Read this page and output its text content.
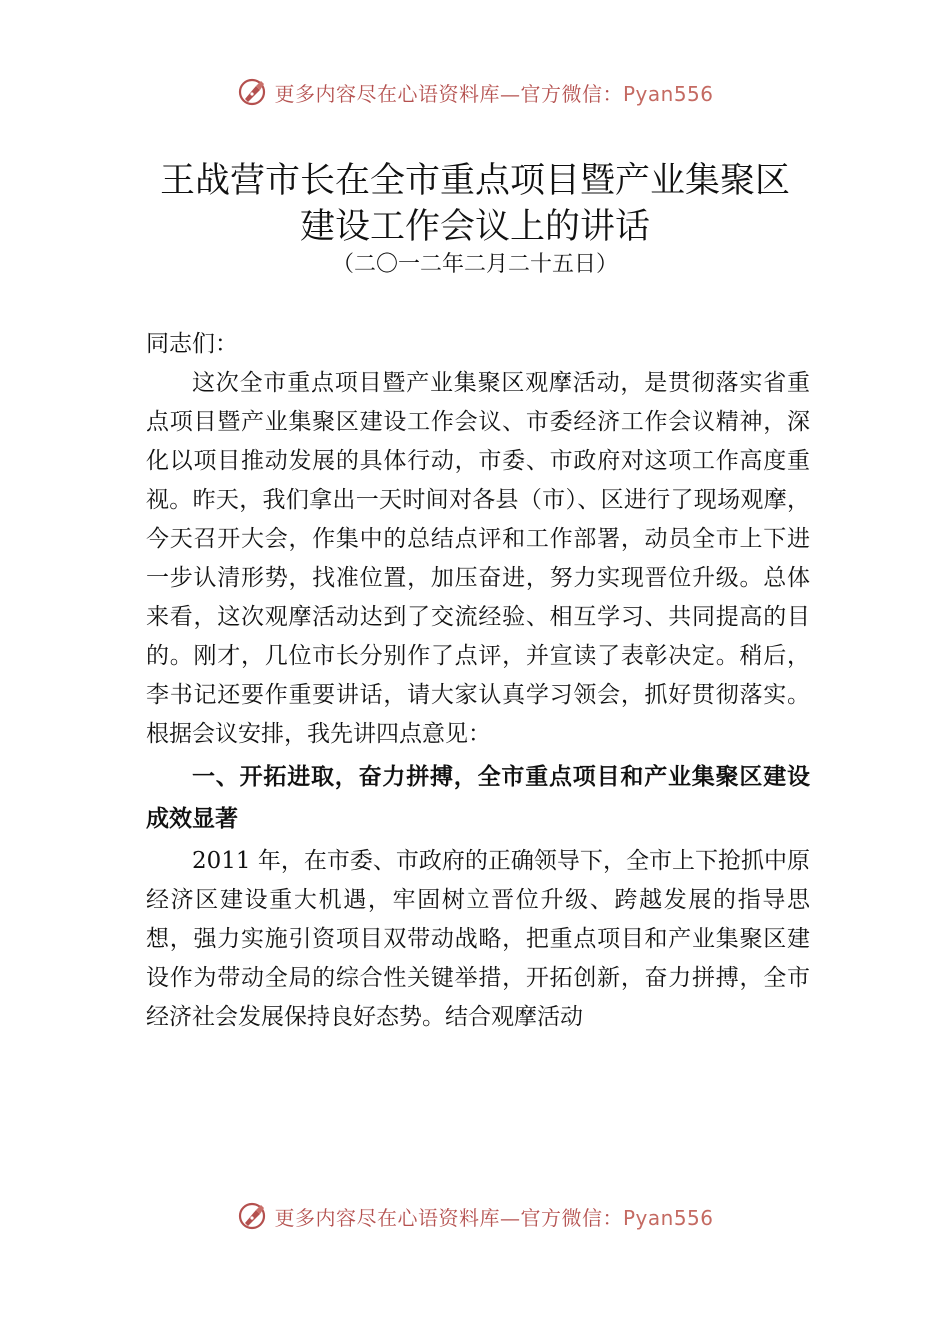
更多内容尽在心语资料库—官方微信：Pyan556
王战营市长在全市重点项目暨产业集聚区
建设工作会议上的讲话

（二〇一二年二月二十五日）

同志们：

这次全市重点项目暨产业集聚区观摩活动，是贯彻落实省重点项目暨产业集聚区建设工作会议、市委经济工作会议精神，深化以项目推动发展的具体行动，市委、市政府对这项工作高度重视。昨天，我们拿出一天时间对各县（市）、区进行了现场观摩，今天召开大会，作集中的总结点评和工作部署，动员全市上下进一步认清形势，找准位置，加压奋进，努力实现晋位升级。总体来看，这次观摩活动达到了交流经验、相互学习、共同提高的目的。刚才，几位市长分别作了点评，并宣读了表彰决定。稍后，李书记还要作重要讲话，请大家认真学习领会，抓好贯彻落实。根据会议安排，我先讲四点意见：

一、开拓进取，奋力拼搏，全市重点项目和产业集聚区建设成效显著

2011 年，在市委、市政府的正确领导下，全市上下抢抓中原经济区建设重大机遇，牢固树立晋位升级、跨越发展的指导思想，强力实施引资项目双带动战略，把重点项目和产业集聚区建设作为带动全局的综合性关键举措，开拓创新，奋力拼搏，全市经济社会发展保持良好态势。结合观摩活动

更多内容尽在心语资料库—官方微信：Pyan556
